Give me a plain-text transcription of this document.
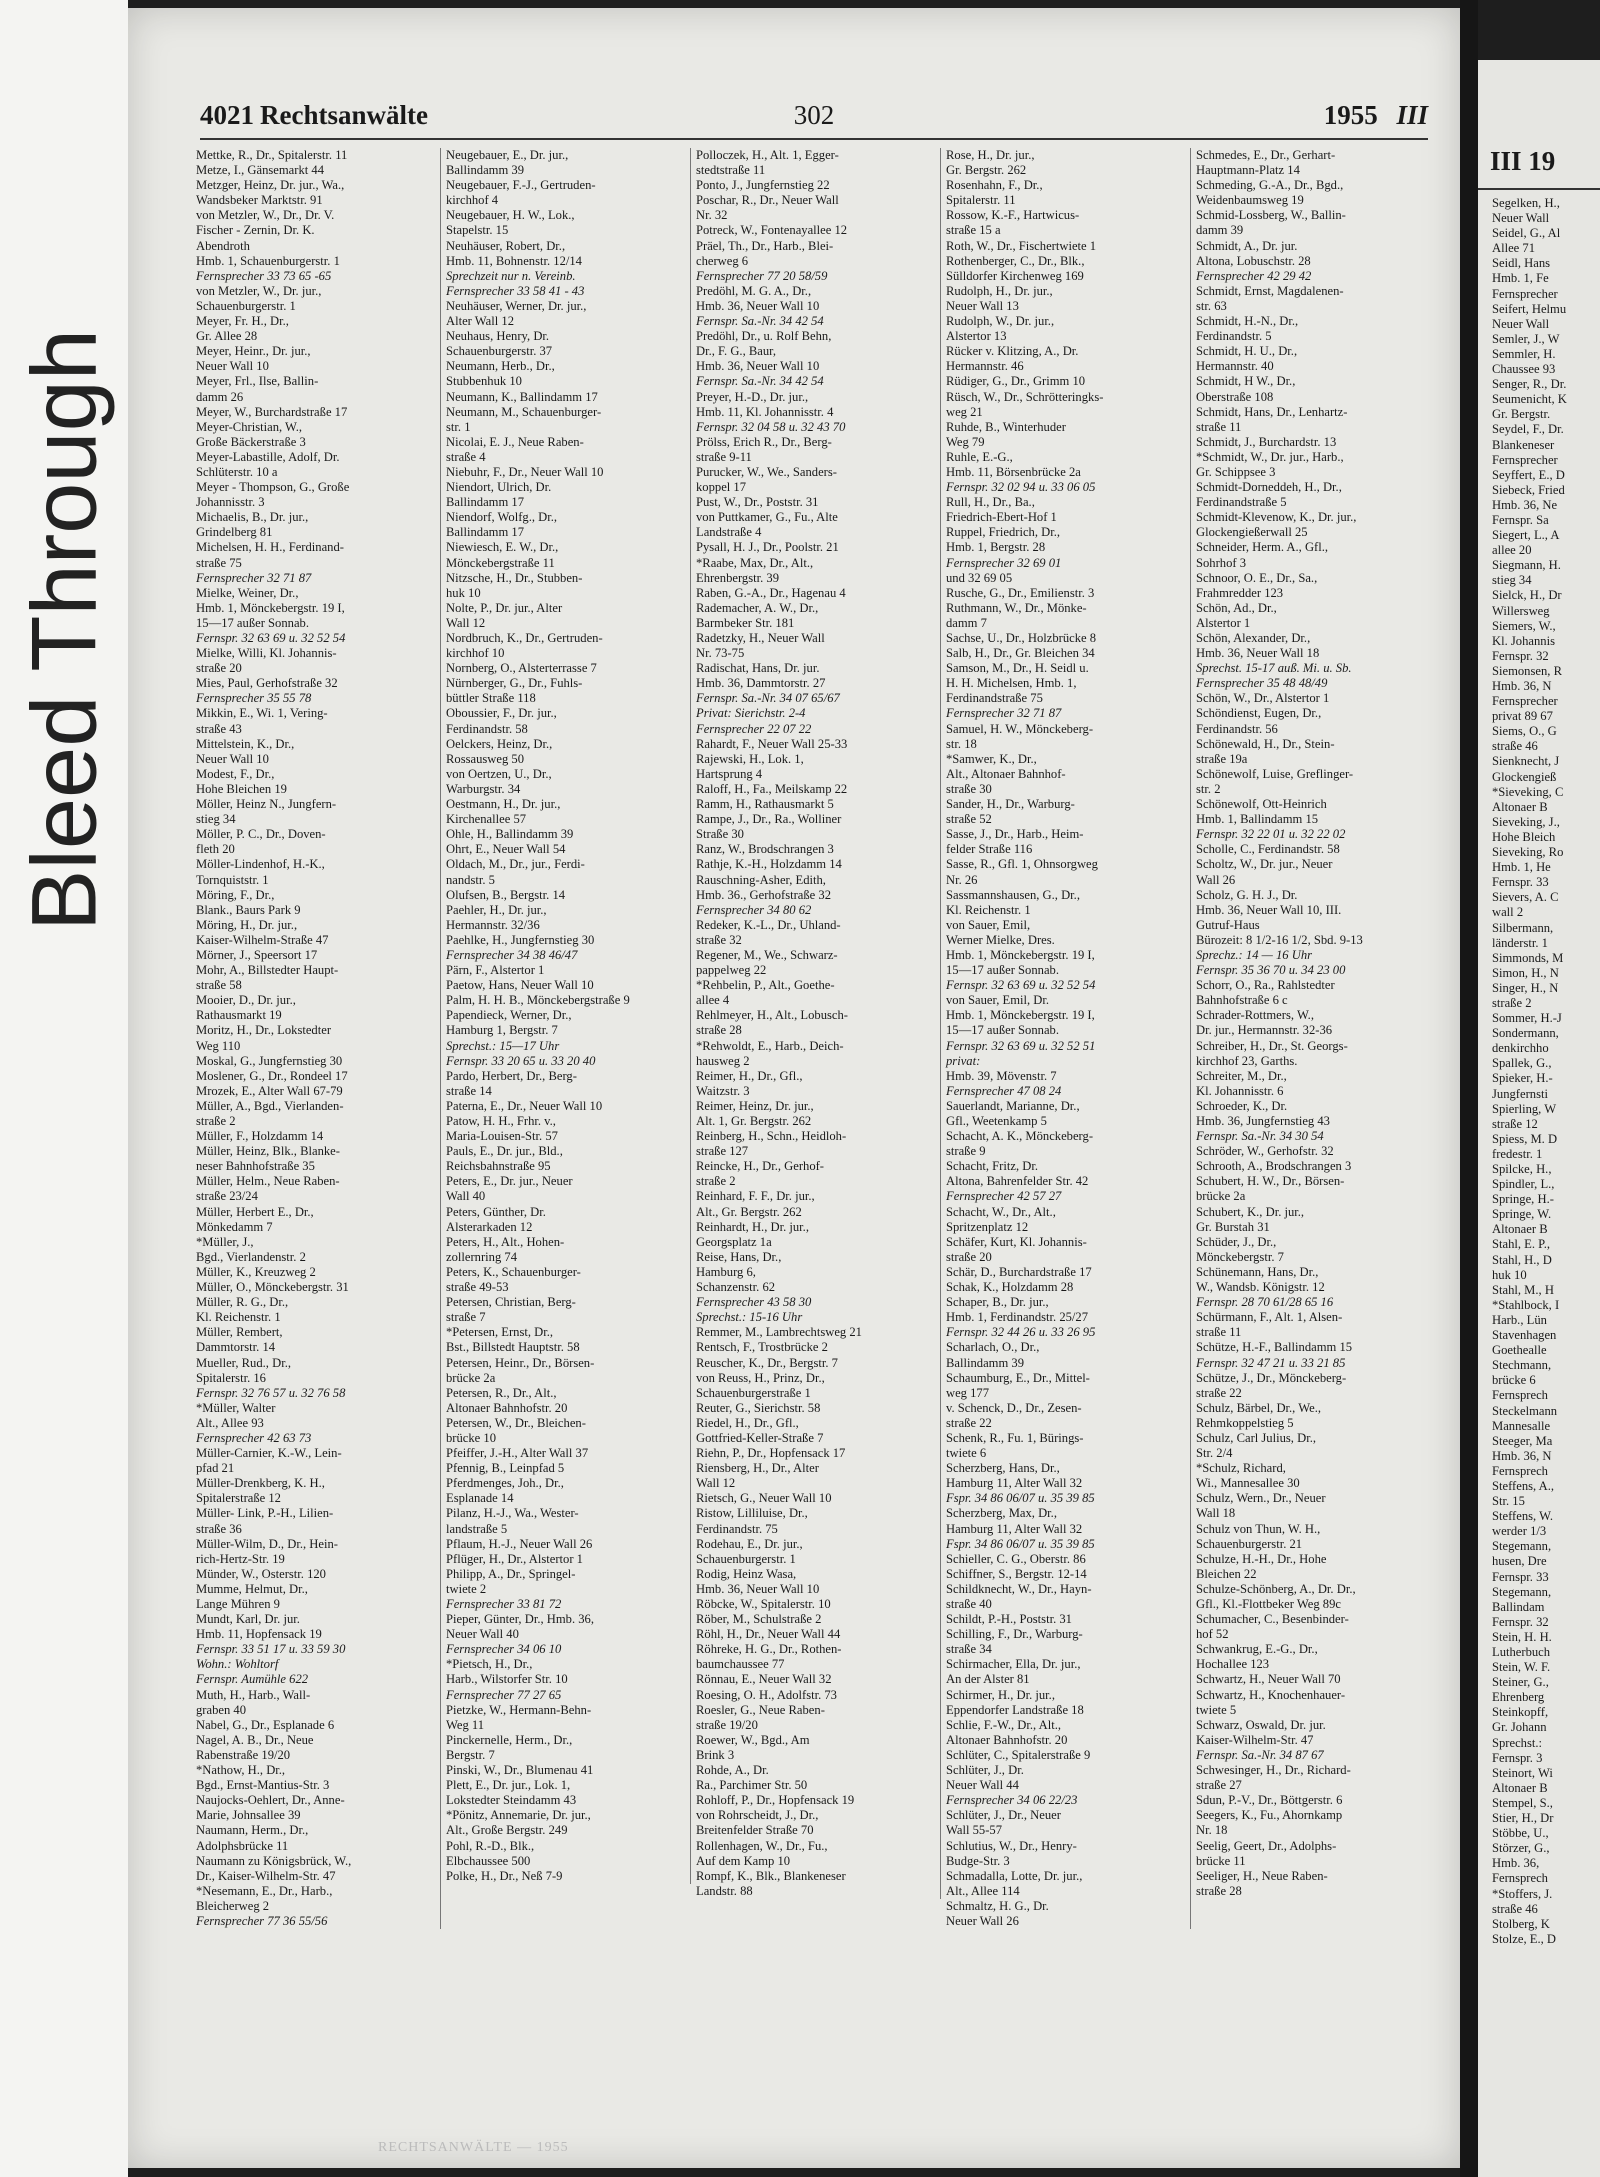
Bleed Through
4021 Rechtsanwälte	302	1955 III
Mettke, R., Dr., Spitalerstr. 11
Metze, I., Gänsemarkt 44
Metzger, Heinz, Dr. jur., Wa.,
Wandsbeker Marktstr. 91
von Metzler, W., Dr., Dr. V.
Fischer - Zernin, Dr. K.
Abendroth
Hmb. 1, Schauenburgerstr. 1
Fernsprecher 33 73 65 -65
von Metzler, W., Dr. jur.,
Schauenburgerstr. 1
Meyer, Fr. H., Dr.,
Gr. Allee 28
Meyer, Heinr., Dr. jur.,
Neuer Wall 10
Meyer, Frl., Ilse, Ballin-
damm 26
Meyer, W., Burchardstraße 17
Meyer-Christian, W.,
Große Bäckerstraße 3
Meyer-Labastille, Adolf, Dr.
Schlüterstr. 10 a
Meyer - Thompson, G., Große
Johannisstr. 3
Michaelis, B., Dr. jur.,
Grindelberg 81
Michelsen, H. H., Ferdinand-
straße 75
Fernsprecher 32 71 87
Mielke, Weiner, Dr.,
Hmb. 1, Mönckebergstr. 19 I,
15—17 außer Sonnab.
Fernspr. 32 63 69 u. 32 52 54
Mielke, Willi, Kl. Johannis-
straße 20
Mies, Paul, Gerhofstraße 32
Fernsprecher 35 55 78
Mikkin, E., Wi. 1, Vering-
straße 43
Mittelstein, K., Dr.,
Neuer Wall 10
Modest, F., Dr.,
Hohe Bleichen 19
Möller, Heinz N., Jungfern-
stieg 34
Möller, P. C., Dr., Doven-
fleth 20
Möller-Lindenhof, H.-K.,
Tornquiststr. 1
Möring, F., Dr.,
Blank., Baurs Park 9
Möring, H., Dr. jur.,
Kaiser-Wilhelm-Straße 47
Mörner, J., Speersort 17
Mohr, A., Billstedter Haupt-
straße 58
Mooier, D., Dr. jur.,
Rathausmarkt 19
Moritz, H., Dr., Lokstedter
Weg 110
Moskal, G., Jungfernstieg 30
Moslener, G., Dr., Rondeel 17
Mrozek, E., Alter Wall 67-79
Müller, A., Bgd., Vierlanden-
straße 2
Müller, F., Holzdamm 14
Müller, Heinz, Blk., Blanke-
neser Bahnhofstraße 35
Müller, Helm., Neue Raben-
straße 23/24
Müller, Herbert E., Dr.,
Mönkedamm 7
*Müller, J.,
Bgd., Vierlandenstr. 2
Müller, K., Kreuzweg 2
Müller, O., Mönckebergstr. 31
Müller, R. G., Dr.,
Kl. Reichenstr. 1
Müller, Rembert,
Dammtorstr. 14
Mueller, Rud., Dr.,
Spitalerstr. 16
Fernspr. 32 76 57 u. 32 76 58
*Müller, Walter
Alt., Allee 93
Fernsprecher 42 63 73
Müller-Carnier, K.-W., Lein-
pfad 21
Müller-Drenkberg, K. H.,
Spitalerstraße 12
Müller- Link, P.-H., Lilien-
straße 36
Müller-Wilm, D., Dr., Hein-
rich-Hertz-Str. 19
Münder, W., Osterstr. 120
Mumme, Helmut, Dr.,
Lange Mühren 9
Mundt, Karl, Dr. jur.
Hmb. 11, Hopfensack 19
Fernspr. 33 51 17 u. 33 59 30
Wohn.: Wohltorf
Fernspr. Aumühle 622
Muth, H., Harb., Wall-
graben 40
Nabel, G., Dr., Esplanade 6
Nagel, A. B., Dr., Neue
Rabenstraße 19/20
*Nathow, H., Dr.,
Bgd., Ernst-Mantius-Str. 3
Naujocks-Oehlert, Dr., Anne-
Marie, Johnsallee 39
Naumann, Herm., Dr.,
Adolphsbrücke 11
Naumann zu Königsbrück, W.,
Dr., Kaiser-Wilhelm-Str. 47
*Nesemann, E., Dr., Harb.,
Bleicherweg 2
Fernsprecher 77 36 55/56
Neugebauer, E., Dr. jur.,
Ballindamm 39
Neugebauer, F.-J., Gertruden-
kirchhof 4
Neugebauer, H. W., Lok.,
Stapelstr. 15
Neuhäuser, Robert, Dr.,
Hmb. 11, Bohnenstr. 12/14
Sprechzeit nur n. Vereinb.
Fernsprecher 33 58 41 - 43
Neuhäuser, Werner, Dr. jur.,
Alter Wall 12
Neuhaus, Henry, Dr.
Schauenburgerstr. 37
Neumann, Herb., Dr.,
Stubbenhuk 10
Neumann, K., Ballindamm 17
Neumann, M., Schauenburger-
str. 1
Nicolai, E. J., Neue Raben-
straße 4
Niebuhr, F., Dr., Neuer Wall 10
Niendort, Ulrich, Dr.
Ballindamm 17
Niendorf, Wolfg., Dr.,
Ballindamm 17
Niewiesch, E. W., Dr.,
Mönckebergstraße 11
Nitzsche, H., Dr., Stubben-
huk 10
Nolte, P., Dr. jur., Alter
Wall 12
Nordbruch, K., Dr., Gertruden-
kirchhof 10
Nornberg, O., Alsterterrasse 7
Nürnberger, G., Dr., Fuhls-
büttler Straße 118
Oboussier, F., Dr. jur.,
Ferdinandstr. 58
Oelckers, Heinz, Dr.,
Rossausweg 50
von Oertzen, U., Dr.,
Warburgstr. 34
Oestmann, H., Dr. jur.,
Kirchenallee 57
Ohle, H., Ballindamm 39
Ohrt, E., Neuer Wall 54
Oldach, M., Dr., jur., Ferdi-
nandstr. 5
Olufsen, B., Bergstr. 14
Paehler, H., Dr. jur.,
Hermannstr. 32/36
Paehlke, H., Jungfernstieg 30
Fernsprecher 34 38 46/47
Pärn, F., Alstertor 1
Paetow, Hans, Neuer Wall 10
Palm, H. H. B., Mönckebergstraße 9
Papendieck, Werner, Dr.,
Hamburg 1, Bergstr. 7
Sprechst.: 15—17 Uhr
Fernspr. 33 20 65 u. 33 20 40
Pardo, Herbert, Dr., Berg-
straße 14
Paterna, E., Dr., Neuer Wall 10
Patow, H. H., Frhr. v.,
Maria-Louisen-Str. 57
Pauls, E., Dr. jur., Bld.,
Reichsbahnstraße 95
Peters, E., Dr. jur., Neuer
Wall 40
Peters, Günther, Dr.
Alsterarkaden 12
Peters, H., Alt., Hohen-
zollernring 74
Peters, K., Schauenburger-
straße 49-53
Petersen, Christian, Berg-
straße 7
*Petersen, Ernst, Dr.,
Bst., Billstedt Hauptstr. 58
Petersen, Heinr., Dr., Börsen-
brücke 2a
Petersen, R., Dr., Alt.,
Altonaer Bahnhofstr. 20
Petersen, W., Dr., Bleichen-
brücke 10
Pfeiffer, J.-H., Alter Wall 37
Pfennig, B., Leinpfad 5
Pferdmenges, Joh., Dr.,
Esplanade 14
Pilanz, H.-J., Wa., Wester-
landstraße 5
Pflaum, H.-J., Neuer Wall 26
Pflüger, H., Dr., Alstertor 1
Philipp, A., Dr., Springel-
twiete 2
Fernsprecher 33 81 72
Pieper, Günter, Dr., Hmb. 36,
Neuer Wall 40
Fernsprecher 34 06 10
*Pietsch, H., Dr.,
Harb., Wilstorfer Str. 10
Fernsprecher 77 27 65
Pietzke, W., Hermann-Behn-
Weg 11
Pinckernelle, Herm., Dr.,
Bergstr. 7
Pinski, W., Dr., Blumenau 41
Plett, E., Dr. jur., Lok. 1,
Lokstedter Steindamm 43
*Pönitz, Annemarie, Dr. jur.,
Alt., Große Bergstr. 249
Pohl, R.-D., Blk.,
Elbchaussee 500
Polke, H., Dr., Neß 7-9
Polloczek, H., Alt. 1, Egger-
stedtstraße 11
Ponto, J., Jungfernstieg 22
Poschar, R., Dr., Neuer Wall
Nr. 32
Potreck, W., Fontenayallee 12
Präel, Th., Dr., Harb., Blei-
cherweg 6
Fernsprecher 77 20 58/59
Predöhl, M. G. A., Dr.,
Hmb. 36, Neuer Wall 10
Fernspr. Sa.-Nr. 34 42 54
Predöhl, Dr., u. Rolf Behn,
Dr., F. G., Baur,
Hmb. 36, Neuer Wall 10
Fernspr. Sa.-Nr. 34 42 54
Preyer, H.-D., Dr. jur.,
Hmb. 11, Kl. Johannisstr. 4
Fernspr. 32 04 58 u. 32 43 70
Prölss, Erich R., Dr., Berg-
straße 9-11
Purucker, W., We., Sanders-
koppel 17
Pust, W., Dr., Poststr. 31
von Puttkamer, G., Fu., Alte
Landstraße 4
Pysall, H. J., Dr., Poolstr. 21
*Raabe, Max, Dr., Alt.,
Ehrenbergstr. 39
Raben, G.-A., Dr., Hagenau 4
Rademacher, A. W., Dr.,
Barmbeker Str. 181
Radetzky, H., Neuer Wall
Nr. 73-75
Radischat, Hans, Dr. jur.
Hmb. 36, Dammtorstr. 27
Fernspr. Sa.-Nr. 34 07 65/67
Privat: Sierichstr. 2-4
Fernsprecher 22 07 22
Rahardt, F., Neuer Wall 25-33
Rajewski, H., Lok. 1,
Hartsprung 4
Raloff, H., Fa., Meilskamp 22
Ramm, H., Rathausmarkt 5
Rampe, J., Dr., Ra., Wolliner
Straße 30
Ranz, W., Brodschrangen 3
Rathje, K.-H., Holzdamm 14
Rauschning-Asher, Edith,
Hmb. 36., Gerhofstraße 32
Fernsprecher 34 80 62
Redeker, K.-L., Dr., Uhland-
straße 32
Regener, M., We., Schwarz-
pappelweg 22
*Rehbelin, P., Alt., Goethe-
allee 4
Rehlmeyer, H., Alt., Lobusch-
straße 28
*Rehwoldt, E., Harb., Deich-
hausweg 2
Reimer, H., Dr., Gfl.,
Waitzstr. 3
Reimer, Heinz, Dr. jur.,
Alt. 1, Gr. Bergstr. 262
Reinberg, H., Schn., Heidloh-
straße 127
Reincke, H., Dr., Gerhof-
straße 2
Reinhard, F. F., Dr. jur.,
Alt., Gr. Bergstr. 262
Reinhardt, H., Dr. jur.,
Georgsplatz 1a
Reise, Hans, Dr.,
Hamburg 6,
Schanzenstr. 62
Fernsprecher 43 58 30
Sprechst.: 15-16 Uhr
Remmer, M., Lambrechtsweg 21
Rentsch, F., Trostbrücke 2
Reuscher, K., Dr., Bergstr. 7
von Reuss, H., Prinz, Dr.,
Schauenburgerstraße 1
Reuter, G., Sierichstr. 58
Riedel, H., Dr., Gfl.,
Gottfried-Keller-Straße 7
Riehn, P., Dr., Hopfensack 17
Riensberg, H., Dr., Alter
Wall 12
Rietsch, G., Neuer Wall 10
Ristow, Lilliluise, Dr.,
Ferdinandstr. 75
Rodehau, E., Dr. jur.,
Schauenburgerstr. 1
Rodig, Heinz Wasa,
Hmb. 36, Neuer Wall 10
Röbcke, W., Spitalerstr. 10
Röber, M., Schulstraße 2
Röhl, H., Dr., Neuer Wall 44
Röhreke, H. G., Dr., Rothen-
baumchaussee 77
Rönnau, E., Neuer Wall 32
Roesing, O. H., Adolfstr. 73
Roesler, G., Neue Raben-
straße 19/20
Roewer, W., Bgd., Am
Brink 3
Rohde, A., Dr.
Ra., Parchimer Str. 50
Rohloff, P., Dr., Hopfensack 19
von Rohrscheidt, J., Dr.,
Breitenfelder Straße 70
Rollenhagen, W., Dr., Fu.,
Auf dem Kamp 10
Rompf, K., Blk., Blankeneser
Landstr. 88
Rose, H., Dr. jur.,
Gr. Bergstr. 262
Rosenhahn, F., Dr.,
Spitalerstr. 11
Rossow, K.-F., Hartwicus-
straße 15 a
Roth, W., Dr., Fischertwiete 1
Rothenberger, C., Dr., Blk.,
Sülldorfer Kirchenweg 169
Rudolph, H., Dr. jur.,
Neuer Wall 13
Rudolph, W., Dr. jur.,
Alstertor 13
Rücker v. Klitzing, A., Dr.
Hermannstr. 46
Rüdiger, G., Dr., Grimm 10
Rüsch, W., Dr., Schrötteringks-
weg 21
Ruhde, B., Winterhuder
Weg 79
Ruhle, E.-G.,
Hmb. 11, Börsenbrücke 2a
Fernspr. 32 02 94 u. 33 06 05
Rull, H., Dr., Ba.,
Friedrich-Ebert-Hof 1
Ruppel, Friedrich, Dr.,
Hmb. 1, Bergstr. 28
Fernsprecher 32 69 01
und 32 69 05
Rusche, G., Dr., Emilienstr. 3
Ruthmann, W., Dr., Mönke-
damm 7
Sachse, U., Dr., Holzbrücke 8
Salb, H., Dr., Gr. Bleichen 34
Samson, M., Dr., H. Seidl u.
H. H. Michelsen, Hmb. 1,
Ferdinandstraße 75
Fernsprecher 32 71 87
Samuel, H. W., Mönckeberg-
str. 18
*Samwer, K., Dr.,
Alt., Altonaer Bahnhof-
straße 30
Sander, H., Dr., Warburg-
straße 52
Sasse, J., Dr., Harb., Heim-
felder Straße 116
Sasse, R., Gfl. 1, Ohnsorgweg
Nr. 26
Sassmannshausen, G., Dr.,
Kl. Reichenstr. 1
von Sauer, Emil,
Werner Mielke, Dres.
Hmb. 1, Mönckebergstr. 19 I,
15—17 außer Sonnab.
Fernspr. 32 63 69 u. 32 52 54
von Sauer, Emil, Dr.
Hmb. 1, Mönckebergstr. 19 I,
15—17 außer Sonnab.
Fernspr. 32 63 69 u. 32 52 51
privat:
Hmb. 39, Mövenstr. 7
Fernsprecher 47 08 24
Sauerlandt, Marianne, Dr.,
Gfl., Weetenkamp 5
Schacht, A. K., Mönckeberg-
straße 9
Schacht, Fritz, Dr.
Altona, Bahrenfelder Str. 42
Fernsprecher 42 57 27
Schacht, W., Dr., Alt.,
Spritzenplatz 12
Schäfer, Kurt, Kl. Johannis-
straße 20
Schär, D., Burchardstraße 17
Schak, K., Holzdamm 28
Schaper, B., Dr. jur.,
Hmb. 1, Ferdinandstr. 25/27
Fernspr. 32 44 26 u. 33 26 95
Scharlach, O., Dr.,
Ballindamm 39
Schaumburg, E., Dr., Mittel-
weg 177
v. Schenck, D., Dr., Zesen-
straße 22
Schenk, R., Fu. 1, Bürings-
twiete 6
Scherzberg, Hans, Dr.,
Hamburg 11, Alter Wall 32
Fspr. 34 86 06/07 u. 35 39 85
Scherzberg, Max, Dr.,
Hamburg 11, Alter Wall 32
Fspr. 34 86 06/07 u. 35 39 85
Schieller, C. G., Oberstr. 86
Schiffner, S., Bergstr. 12-14
Schildknecht, W., Dr., Hayn-
straße 40
Schildt, P.-H., Poststr. 31
Schilling, F., Dr., Warburg-
straße 34
Schirmacher, Ella, Dr. jur.,
An der Alster 81
Schirmer, H., Dr. jur.,
Eppendorfer Landstraße 18
Schlie, F.-W., Dr., Alt.,
Altonaer Bahnhofstr. 20
Schlüter, C., Spitalerstraße 9
Schlüter, J., Dr.
Neuer Wall 44
Fernsprecher 34 06 22/23
Schlüter, J., Dr., Neuer
Wall 55-57
Schlutius, W., Dr., Henry-
Budge-Str. 3
Schmadalla, Lotte, Dr. jur.,
Alt., Allee 114
Schmaltz, H. G., Dr.
Neuer Wall 26
Schmedes, E., Dr., Gerhart-
Hauptmann-Platz 14
Schmeding, G.-A., Dr., Bgd.,
Weidenbaumsweg 19
Schmid-Lossberg, W., Ballin-
damm 39
Schmidt, A., Dr. jur.
Altona, Lobuschstr. 28
Fernsprecher 42 29 42
Schmidt, Ernst, Magdalenen-
str. 63
Schmidt, H.-N., Dr.,
Ferdinandstr. 5
Schmidt, H. U., Dr.,
Hermannstr. 40
Schmidt, H W., Dr.,
Oberstraße 108
Schmidt, Hans, Dr., Lenhartz-
straße 11
Schmidt, J., Burchardstr. 13
*Schmidt, W., Dr. jur., Harb.,
Gr. Schippsee 3
Schmidt-Dorneddeh, H., Dr.,
Ferdinandstraße 5
Schmidt-Klevenow, K., Dr. jur.,
Glockengießerwall 25
Schneider, Herm. A., Gfl.,
Sohrhof 3
Schnoor, O. E., Dr., Sa.,
Frahmredder 123
Schön, Ad., Dr.,
Alstertor 1
Schön, Alexander, Dr.,
Hmb. 36, Neuer Wall 18
Sprechst. 15-17 auß. Mi. u. Sb.
Fernsprecher 35 48 48/49
Schön, W., Dr., Alstertor 1
Schöndienst, Eugen, Dr.,
Ferdinandstr. 56
Schönewald, H., Dr., Stein-
straße 19a
Schönewolf, Luise, Greflinger-
str. 2
Schönewolf, Ott-Heinrich
Hmb. 1, Ballindamm 15
Fernspr. 32 22 01 u. 32 22 02
Scholle, C., Ferdinandstr. 58
Scholtz, W., Dr. jur., Neuer
Wall 26
Scholz, G. H. J., Dr.
Hmb. 36, Neuer Wall 10, III.
Gutruf-Haus
Bürozeit: 8 1/2-16 1/2, Sbd. 9-13
Sprechz.: 14 — 16 Uhr
Fernspr. 35 36 70 u. 34 23 00
Schorr, O., Ra., Rahlstedter
Bahnhofstraße 6 c
Schrader-Rottmers, W.,
Dr. jur., Hermannstr. 32-36
Schreiber, H., Dr., St. Georgs-
kirchhof 23, Garths.
Schreiter, M., Dr.,
Kl. Johannisstr. 6
Schroeder, K., Dr.
Hmb. 36, Jungfernstieg 43
Fernspr. Sa.-Nr. 34 30 54
Schröder, W., Gerhofstr. 32
Schrooth, A., Brodschrangen 3
Schubert, H. W., Dr., Börsen-
brücke 2a
Schubert, K., Dr. jur.,
Gr. Burstah 31
Schüder, J., Dr.,
Mönckebergstr. 7
Schünemann, Hans, Dr.,
W., Wandsb. Königstr. 12
Fernspr. 28 70 61/28 65 16
Schürmann, F., Alt. 1, Alsen-
straße 11
Schütze, H.-F., Ballindamm 15
Fernspr. 32 47 21 u. 33 21 85
Schütze, J., Dr., Mönckeberg-
straße 22
Schulz, Bärbel, Dr., We.,
Rehmkoppelstieg 5
Schulz, Carl Julius, Dr.,
Str. 2/4
*Schulz, Richard,
Wi., Mannesallee 30
Schulz, Wern., Dr., Neuer
Wall 18
Schulz von Thun, W. H.,
Schauenburgerstr. 21
Schulze, H.-H., Dr., Hohe
Bleichen 22
Schulze-Schönberg, A., Dr. Dr.,
Gfl., Kl.-Flottbeker Weg 89c
Schumacher, C., Besenbinder-
hof 52
Schwankrug, E.-G., Dr.,
Hochallee 123
Schwartz, H., Neuer Wall 70
Schwartz, H., Knochenhauer-
twiete 5
Schwarz, Oswald, Dr. jur.
Kaiser-Wilhelm-Str. 47
Fernspr. Sa.-Nr. 34 87 67
Schwesinger, H., Dr., Richard-
straße 27
Sdun, P.-V., Dr., Böttgerstr. 6
Seegers, K., Fu., Ahornkamp
Nr. 18
Seelig, Geert, Dr., Adolphs-
brücke 11
Seeliger, H., Neue Raben-
straße 28
RECHTSANWÄLTE — 1955
III 19
Segelken, H.,
Neuer Wall
Seidel, G., Al
Allee 71
Seidl, Hans
Hmb. 1, Fe
Fernsprecher
Seifert, Helmu
Neuer Wall
Semler, J., W
Semmler, H.
Chaussee 93
Senger, R., Dr.
Seumenicht, K
Gr. Bergstr.
Seydel, F., Dr.
Blankeneser
Fernsprecher
Seyffert, E., D
Siebeck, Fried
Hmb. 36, Ne
Fernspr. Sa
Siegert, L., A
allee 20
Siegmann, H.
stieg 34
Sielck, H., Dr
Willersweg
Siemers, W.,
Kl. Johannis
Fernspr. 32
Siemonsen, R
Hmb. 36, N
Fernsprecher
privat 89 67
Siems, O., G
straße 46
Sienknecht, J
Glockengieß
*Sieveking, C
Altonaer B
Sieveking, J.,
Hohe Bleich
Sieveking, Ro
Hmb. 1, He
Fernspr. 33
Sievers, A. C
wall 2
Silbermann,
länderstr. 1
Simmonds, M
Simon, H., N
Singer, H., N
straße 2
Sommer, H.-J
Sondermann,
denkirchho
Spallek, G.,
Spieker, H.-
Jungfernsti
Spierling, W
straße 12
Spiess, M. D
fredestr. 1
Spilcke, H.,
Spindler, L.,
Springe, H.-
Springe, W.
Altonaer B
Stahl, E. P.,
Stahl, H., D
huk 10
Stahl, M., H
*Stahlbock, I
Harb., Lün
Stavenhagen
Goethealle
Stechmann,
brücke 6
Fernsprech
Steckelmann
Mannesalle
Steeger, Ma
Hmb. 36, N
Fernsprech
Steffens, A.,
Str. 15
Steffens, W.
werder 1/3
Stegemann,
husen, Dre
Fernspr. 33
Stegemann,
Ballindam
Fernspr. 32
Stein, H. H.
Lutherbuch
Stein, W. F.
Steiner, G.,
Ehrenberg
Steinkopff,
Gr. Johann
Sprechst.:
Fernspr. 3
Steinort, Wi
Altonaer B
Stempel, S.,
Stier, H., Dr
Stöbbe, U.,
Störzer, G.,
Hmb. 36,
Fernsprech
*Stoffers, J.
straße 46
Stolberg, K
Stolze, E., D
